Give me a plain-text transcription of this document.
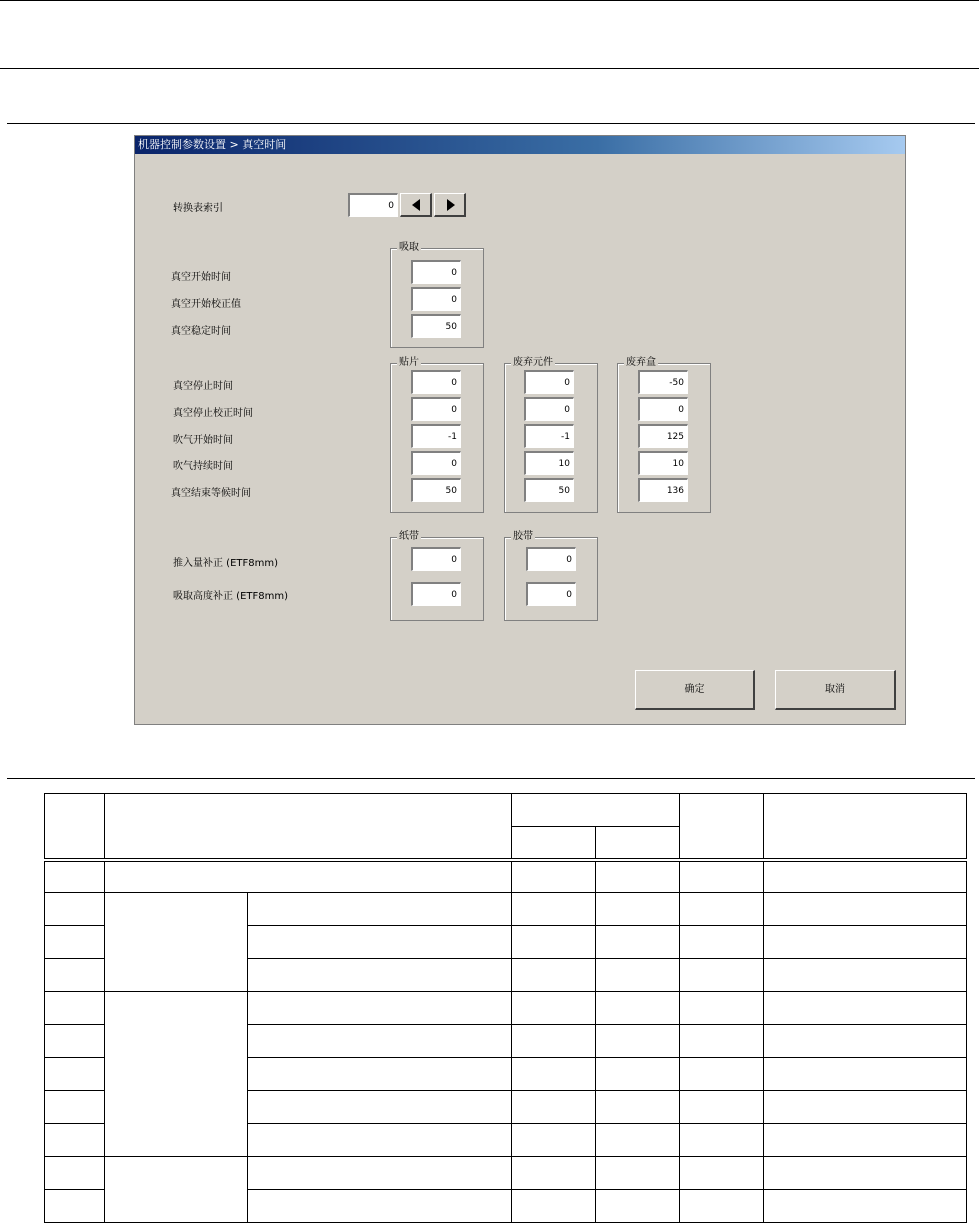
机器控制参数设置 > 真空时间
转换表索引	0
真空开始时间
真空开始校正值
真空稳定时间
吸取
0
0
50
真空停止时间
真空停止校正时间
吹气开始时间
吹气持续时间
真空结束等候时间
贴片
0
0
-1
0
50
废弃元件
0
0
-1
10
50
废弃盒
-50
0
125
10
136
推入量补正 (ETF8mm)
吸取高度补正 (ETF8mm)
纸带
0
0
胶带
0
0
确定	取消
